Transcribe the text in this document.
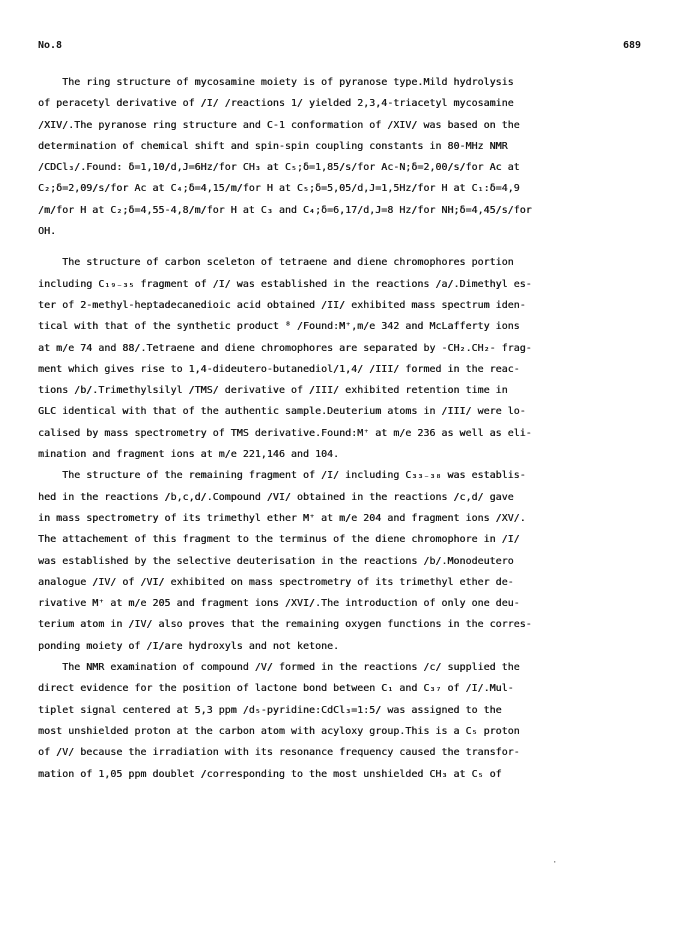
No.8	689
The ring structure of mycosamine moiety is of pyranose type.Mild hydrolysis
of peracetyl derivative of /I/ /reactions 1/ yielded 2,3,4-triacetyl mycosamine
/XIV/.The pyranose ring structure and C-1 conformation of /XIV/ was based on the
determination of chemical shift and spin-spin coupling constants in 80-MHz NMR
/CDCl₃/.Found: δ=1,10/d,J=6Hz/for CH₃ at C₅;δ=1,85/s/for Ac-N;δ=2,00/s/for Ac at
C₂;δ=2,09/s/for Ac at C₄;δ=4,15/m/for H at C₅;δ=5,05/d,J=1,5Hz/for H at C₁:δ=4,9
/m/for H at C₂;δ=4,55-4,8/m/for H at C₃ and C₄;δ=6,17/d,J=8 Hz/for NH;δ=4,45/s/for
OH.
The structure of carbon sceleton of tetraene and diene chromophores portion
including C₁₉₋₃₅ fragment of /I/ was established in the reactions /a/.Dimethyl es-
ter of 2-methyl-heptadecanedioic acid obtained /II/ exhibited mass spectrum iden-
tical with that of the synthetic product ⁸ /Found:M⁺,m/e 342 and McLafferty ions
at m/e 74 and 88/.Tetraene and diene chromophores are separated by -CH₂.CH₂- frag-
ment which gives rise to 1,4-dideutero-butanediol/1,4/ /III/ formed in the reac-
tions /b/.Trimethylsilyl /TMS/ derivative of /III/ exhibited retention time in
GLC identical with that of the authentic sample.Deuterium atoms in /III/ were lo-
calised by mass spectrometry of TMS derivative.Found:M⁺ at m/e 236 as well as eli-
mination and fragment ions at m/e 221,146 and 104.
The structure of the remaining fragment of /I/ including C₃₃₋₃₈ was establis-
hed in the reactions /b,c,d/.Compound /VI/ obtained in the reactions /c,d/ gave
in mass spectrometry of its trimethyl ether M⁺ at m/e 204 and fragment ions /XV/.
The attachement of this fragment to the terminus of the diene chromophore in /I/
was established by the selective deuterisation in the reactions /b/.Monodeutero
analogue /IV/ of /VI/ exhibited on mass spectrometry of its trimethyl ether de-
rivative M⁺ at m/e 205 and fragment ions /XVI/.The introduction of only one deu-
terium atom in /IV/ also proves that the remaining oxygen functions in the corres-
ponding moiety of /I/are hydroxyls and not ketone.
The NMR examination of compound /V/ formed in the reactions /c/ supplied the
direct evidence for the position of lactone bond between C₁ and C₃₇ of /I/.Mul-
tiplet signal centered at 5,3 ppm /d₅-pyridine:CdCl₃=1:5/ was assigned to the
most unshielded proton at the carbon atom with acyloxy group.This is a C₅ proton
of /V/ because the irradiation with its resonance frequency caused the transfor-
mation of 1,05 ppm doublet /corresponding to the most unshielded CH₃ at C₅ of
·
